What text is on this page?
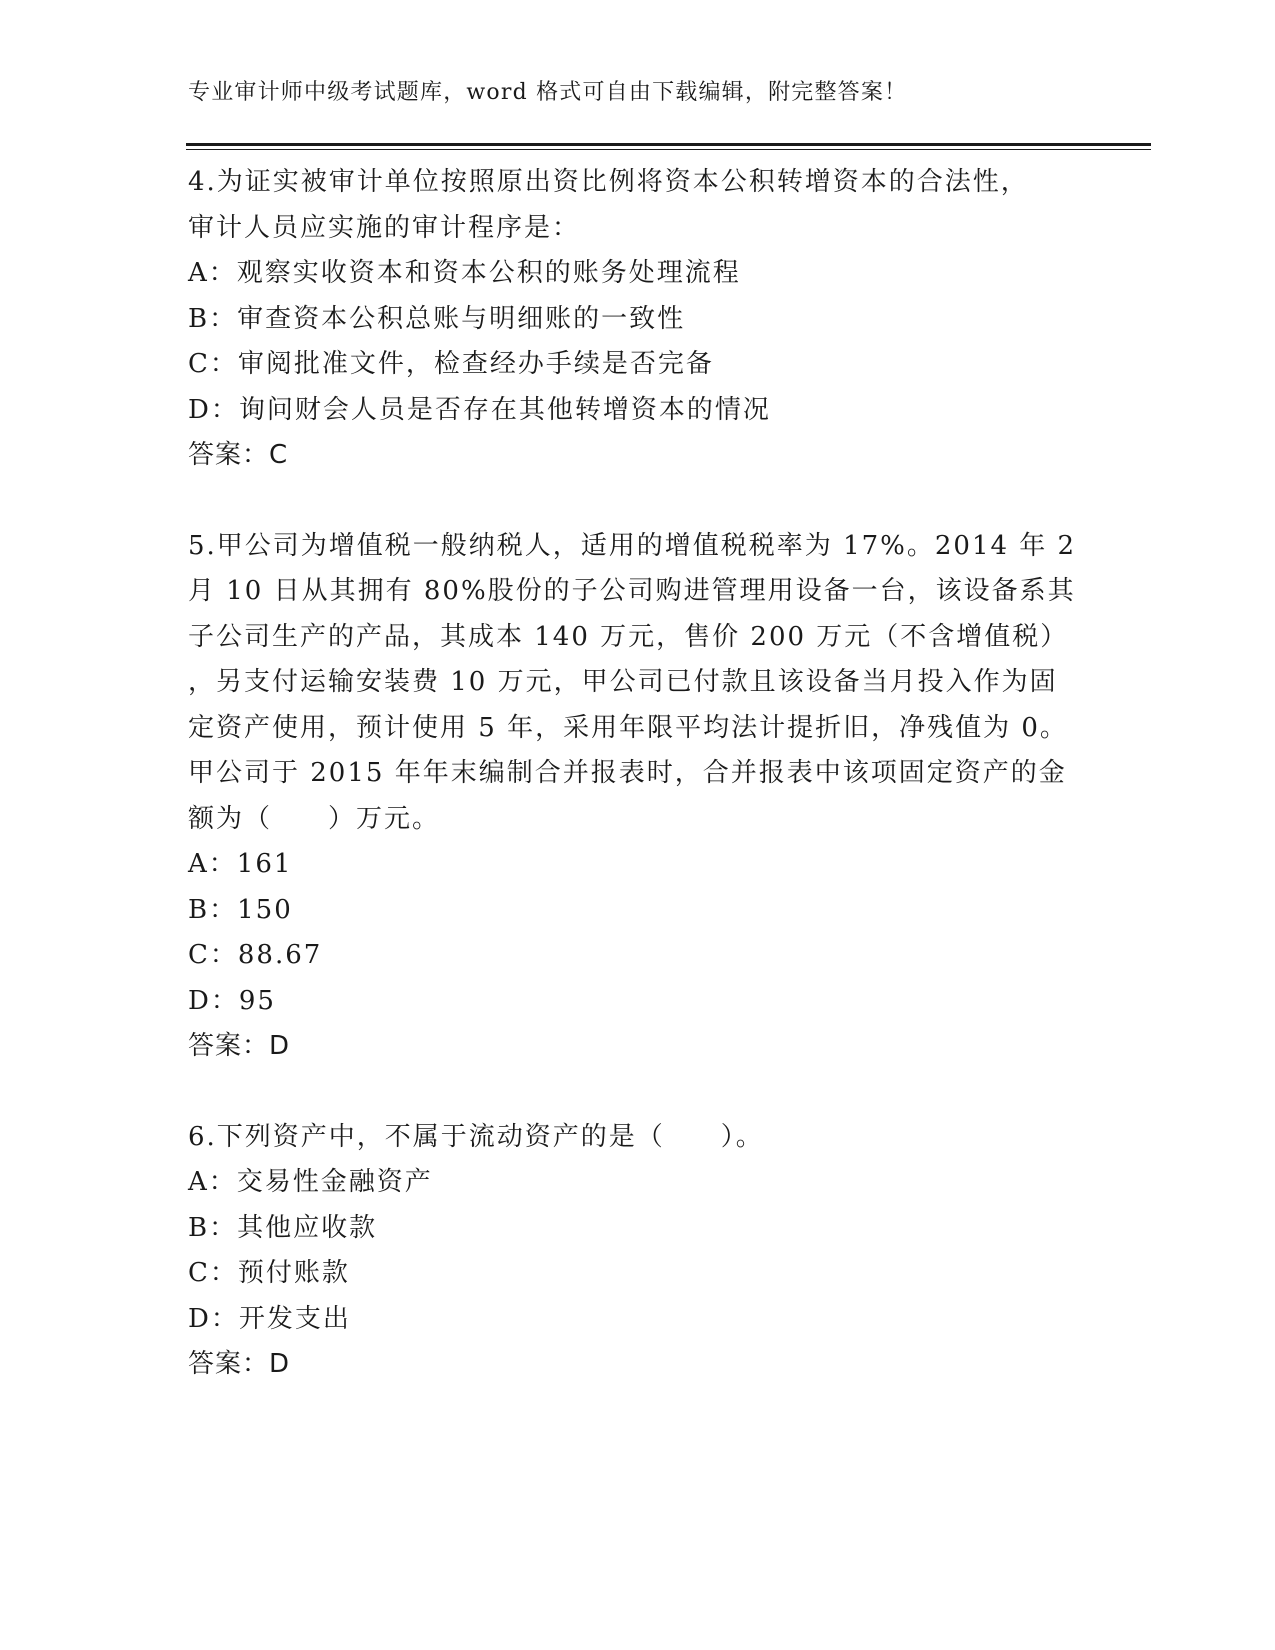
专业审计师中级考试题库，word 格式可自由下载编辑，附完整答案！
4.为证实被审计单位按照原出资比例将资本公积转增资本的合法性，
审计人员应实施的审计程序是：
A：观察实收资本和资本公积的账务处理流程
B：审查资本公积总账与明细账的一致性
C：审阅批准文件，检查经办手续是否完备
D：询问财会人员是否存在其他转增资本的情况
答案：C
5.甲公司为增值税一般纳税人，适用的增值税税率为 17%。2014 年 2
月 10 日从其拥有 80%股份的子公司购进管理用设备一台，该设备系其
子公司生产的产品，其成本 140 万元，售价 200 万元（不含增值税）
，另支付运输安装费 10 万元，甲公司已付款且该设备当月投入作为固
定资产使用，预计使用 5 年，采用年限平均法计提折旧，净残值为 0。
甲公司于 2015 年年末编制合并报表时，合并报表中该项固定资产的金
额为（　　）万元。
A：161
B：150
C：88.67
D：95
答案：D
6.下列资产中，不属于流动资产的是（　　）。
A：交易性金融资产
B：其他应收款
C：预付账款
D：开发支出
答案：D
